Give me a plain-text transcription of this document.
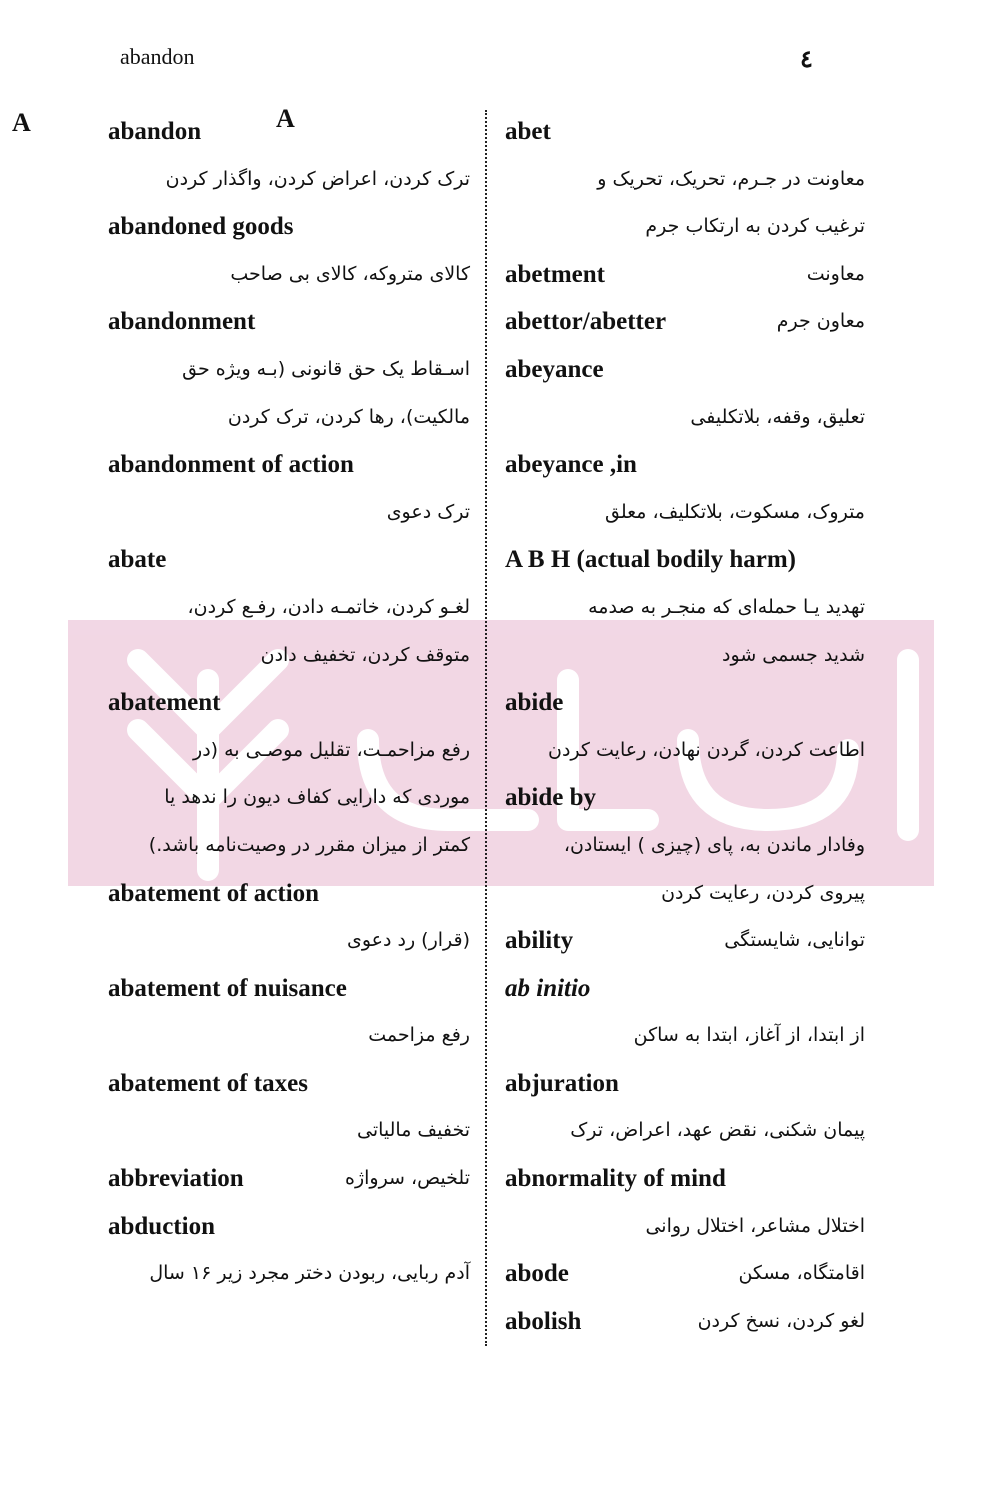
abandon	٤
A	A
abandon
ترک کردن، اعراض کردن، واگذار کردن
abandoned goods
کالای متروکه، کالای بی صاحب
abandonment
اسـقاط یک حق قانونی (بـه ویژه حق
مالکیت)، رها کردن، ترک کردن
abandonment of action
ترک دعوی
abate
لغـو کردن، خاتمـه دادن، رفـع کردن،
متوقف کردن، تخفیف دادن
abatement
رفع مزاحمـت، تقلیل موصـی به (در
موردی که دارایی کفاف دیون را ندهد یا
کمتر از میزان مقرر در وصیت‌نامه باشد.)
abatement of action
(قرار) رد دعوی
abatement of nuisance
رفع مزاحمت
abatement of taxes
تخفیف مالیاتی
abbreviation	تلخیص، سرواژه
abduction
آدم ربایی، ربودن دختر مجرد زیر ١۶ سال
abet
معاونت در جـرم، تحریک، تحریک و
ترغیب کردن به ارتکاب جرم
abetment	معاونت
abettor/abetter	معاون جرم
abeyance
تعلیق، وقفه، بلاتکلیفی
abeyance ,in
متروک، مسکوت، بلاتکلیف، معلق
A B H (actual bodily harm)
تهدید یـا حمله‌ای که منجـر به صدمه
شدید جسمی شود
abide
اطاعت کردن، گردن نهادن، رعایت کردن
abide by
وفادار ماندن به، پای (چیزی ) ایستادن،
پیروی کردن، رعایت کردن
ability	توانایی، شایستگی
ab initio
از ابتدا، از آغاز، ابتدا به ساکن
abjuration
پیمان شکنی، نقض عهد، اعراض، ترک
abnormality of mind
اختلال مشاعر، اختلال روانی
abode	اقامتگاه، مسکن
abolish	لغو کردن، نسخ کردن
